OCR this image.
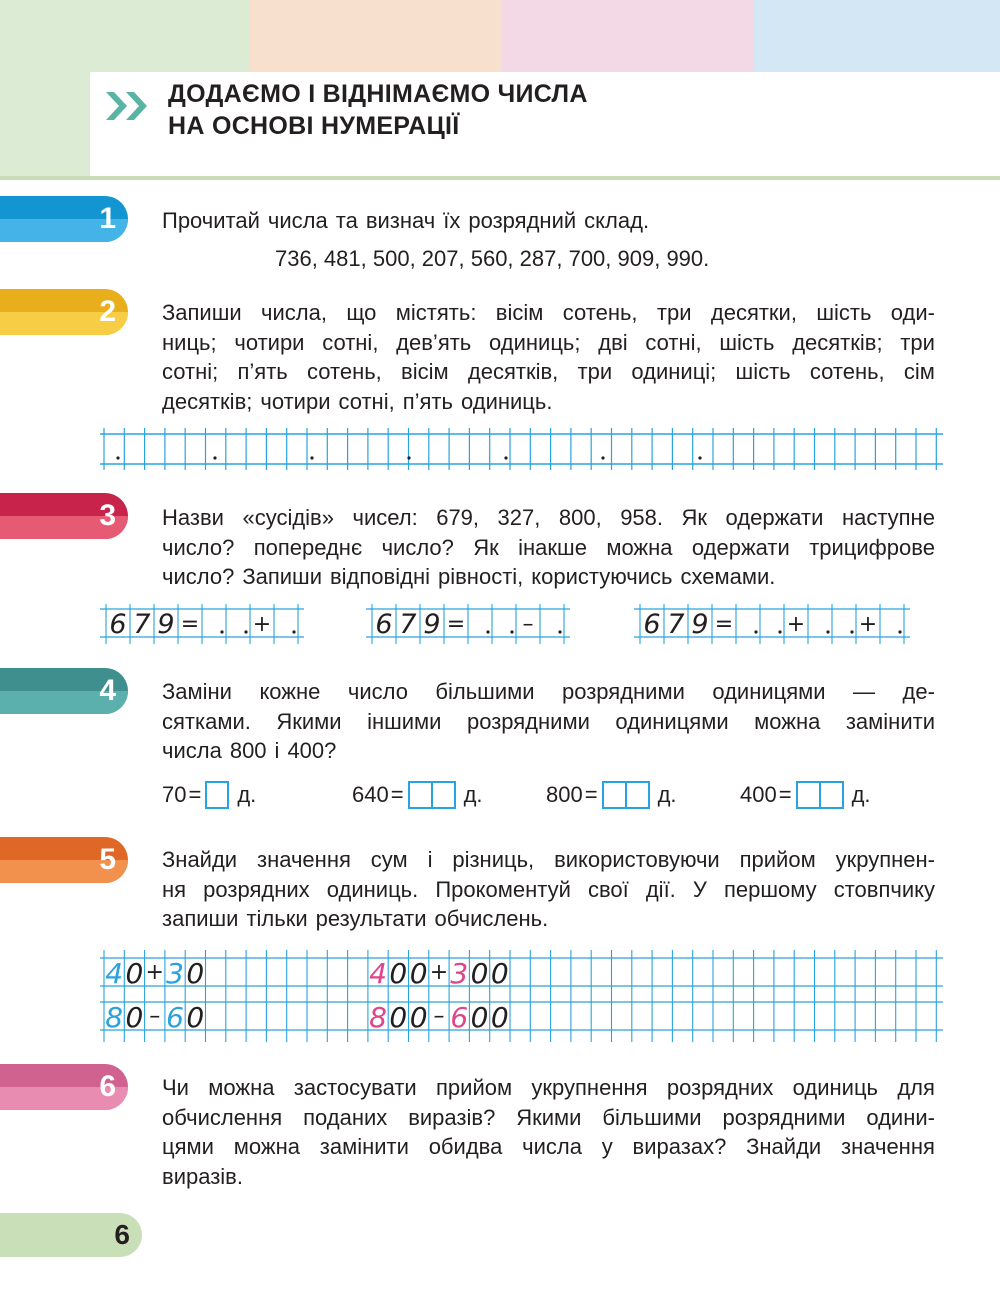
ДОДАЄМО І ВІДНІМАЄМО ЧИСЛА
НА ОСНОВІ НУМЕРАЦІЇ
1 Прочитай числа та визнач їх розрядний склад.
736, 481, 500, 207, 560, 287, 700, 909, 990.
2 Запиши числа, що містять: вісім сотень, три десятки, шість оди-
ниць; чотири сотні, дев’ять одиниць; дві сотні, шість десятків; три
сотні; п’ять сотень, вісім десятків, три одиниці; шість сотень, сім
десятків; чотири сотні, п’ять одиниць.
3 Назви «сусідів» чисел: 679, 327, 800, 958. Як одержати наступне
число? попереднє число? Як інакше можна одержати трицифрове
число? Запиши відповідні рівності, користуючись схемами.
6 7 9 = +	6 7 9 =	–	6 7 9 = + +
4 Заміни кожне число більшими розрядними одиницями — де-
сятками. Якими іншими розрядними одиницями можна замінити
числа 800 і 400?
70 = д.	640 =	д.	800 =	д.	400 =	д.
5 Знайди значення сум і різниць, використовуючи прийом укрупнен-
ня розрядних одиниць. Прокоментуй свої дії. У першому стовпчику
запиши тільки результати обчислень.
4 0 + 3 0	4 0 0 + 3 0 0
8 0 – 6 0	8 0 0 – 6 0 0
6 Чи можна застосувати прийом укрупнення розрядних одиниць для
обчислення поданих виразів? Якими більшими розрядними одини-
цями можна замінити обидва числа у виразах? Знайди значення
виразів.
6
